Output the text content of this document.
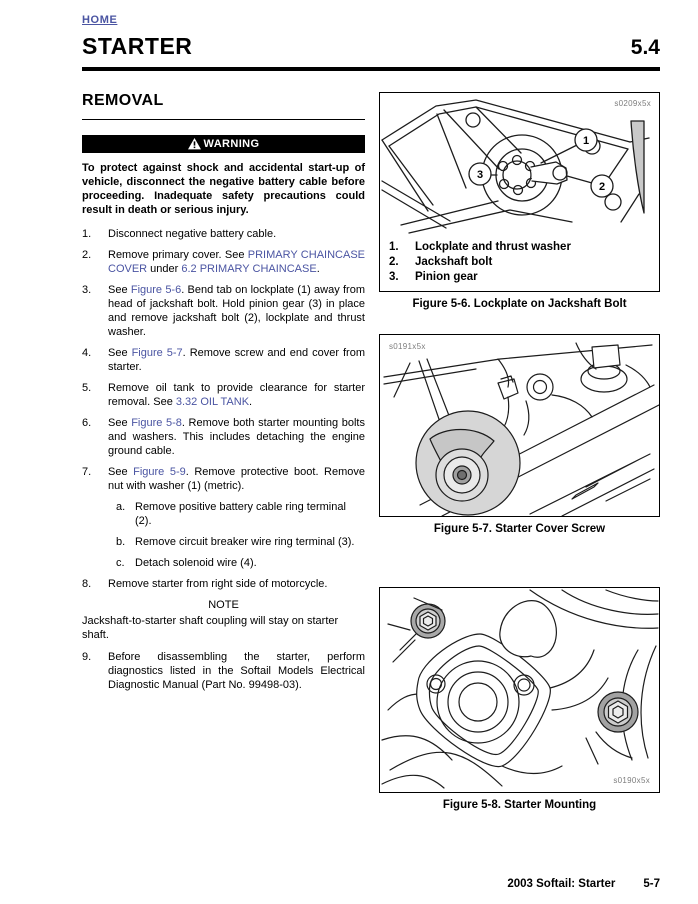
HOME
STARTER	5.4
REMOVAL
WARNING
To protect against shock and accidental start-up of vehicle, disconnect the negative battery cable before proceeding. Inadequate safety precautions could result in death or serious injury.
1.	Disconnect negative battery cable.
2.	Remove primary cover. See PRIMARY CHAINCASE COVER under 6.2 PRIMARY CHAINCASE.
3.	See Figure 5-6. Bend tab on lockplate (1) away from head of jackshaft bolt. Hold pinion gear (3) in place and remove jackshaft bolt (2), lockplate and thrust washer.
4.	See Figure 5-7. Remove screw and end cover from starter.
5.	Remove oil tank to provide clearance for starter removal. See 3.32 OIL TANK.
6.	See Figure 5-8. Remove both starter mounting bolts and washers. This includes detaching the engine ground cable.
7.	See Figure 5-9. Remove protective boot. Remove nut with washer (1) (metric).
a. Remove positive battery cable ring terminal (2).
b. Remove circuit breaker wire ring terminal (3).
c. Detach solenoid wire (4).
8.	Remove starter from right side of motorcycle.
NOTE
Jackshaft-to-starter shaft coupling will stay on starter shaft.
9.	Before disassembling the starter, perform diagnostics listed in the Softail Models Electrical Diagnostic Manual (Part No. 99498-03).
s0209x5x
1
2
3
1.	Lockplate and thrust washer
2.	Jackshaft bolt
3.	Pinion gear
Figure 5-6. Lockplate on Jackshaft Bolt
s0191x5x
Figure 5-7. Starter Cover Screw
s0190x5x
Figure 5-8. Starter Mounting
2003 Softail: Starter 5-7
